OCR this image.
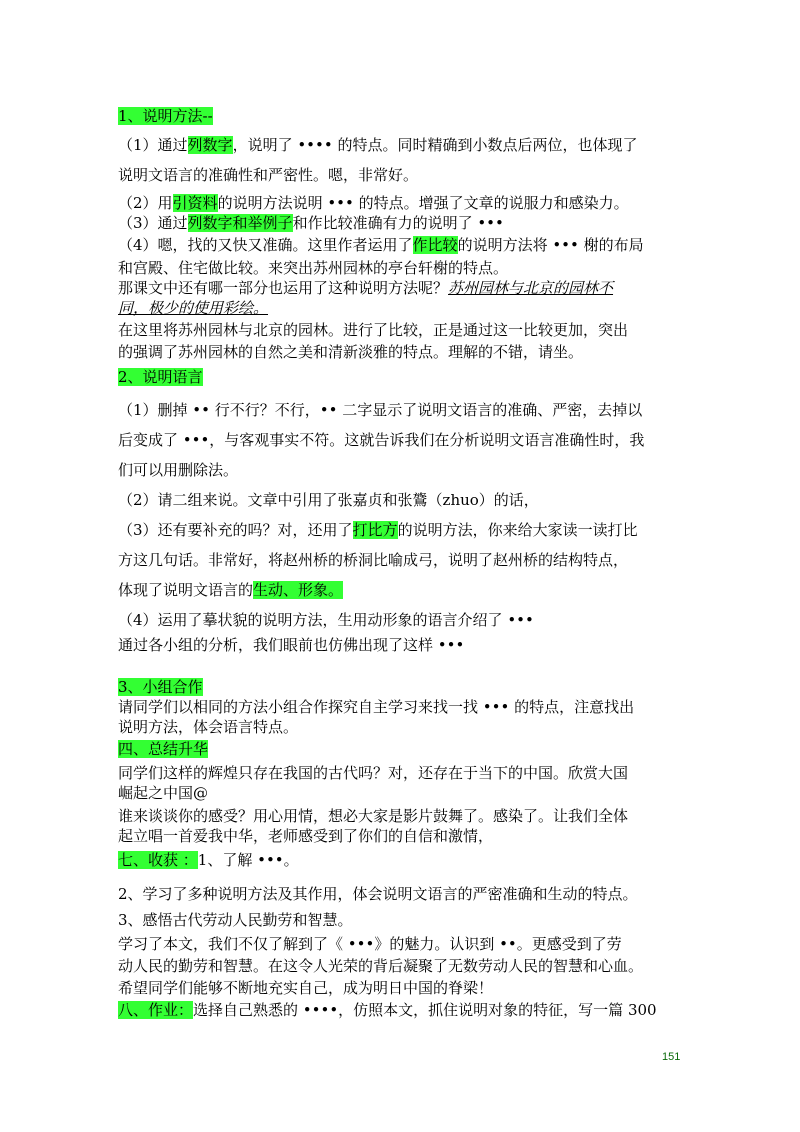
1、说明方法--
（1）通过列数字，说明了 •••• 的特点。同时精确到小数点后两位，也体现了
说明文语言的准确性和严密性。嗯，非常好。
（2）用引资料的说明方法说明 ••• 的特点。增强了文章的说服力和感染力。
（3）通过列数字和举例子和作比较准确有力的说明了 •••
（4）嗯，找的又快又准确。这里作者运用了作比较的说明方法将 ••• 榭的布局
和宫殿、住宅做比较。来突出苏州园林的亭台轩榭的特点。
那课文中还有哪一部分也运用了这种说明方法呢？苏州园林与北京的园林不
同，极少的使用彩绘。
在这里将苏州园林与北京的园林。进行了比较，正是通过这一比较更加，突出
的强调了苏州园林的自然之美和清新淡雅的特点。理解的不错，请坐。
2、说明语言
（1）删掉 •• 行不行？不行，•• 二字显示了说明文语言的准确、严密，去掉以
后变成了 •••，与客观事实不符。这就告诉我们在分析说明文语言准确性时，我
们可以用删除法。
（2）请二组来说。文章中引用了张嘉贞和张鷟（zhuo）的话，
（3）还有要补充的吗？对，还用了打比方的说明方法，你来给大家读一读打比
方这几句话。非常好，将赵州桥的桥洞比喻成弓，说明了赵州桥的结构特点，
体现了说明文语言的生动、形象。
（4）运用了摹状貌的说明方法，生用动形象的语言介绍了 •••
通过各小组的分析，我们眼前也仿佛出现了这样 •••
3、小组合作
请同学们以相同的方法小组合作探究自主学习来找一找 ••• 的特点，注意找出
说明方法，体会语言特点。
四、总结升华
同学们这样的辉煌只存在我国的古代吗？对，还存在于当下的中国。欣赏大国
崛起之中国@
谁来谈谈你的感受？用心用情，想必大家是影片鼓舞了。感染了。让我们全体
起立唱一首爱我中华，老师感受到了你们的自信和激情，
七、收获 ：1、了解 •••。
2、学习了多种说明方法及其作用，体会说明文语言的严密准确和生动的特点。
3、感悟古代劳动人民勤劳和智慧。
学习了本文，我们不仅了解到了《 •••》的魅力。认识到 ••。更感受到了劳
动人民的勤劳和智慧。在这令人光荣的背后凝聚了无数劳动人民的智慧和心血。
希望同学们能够不断地充实自己，成为明日中国的脊梁！
八、作业：选择自己熟悉的 ••••，仿照本文，抓住说明对象的特征，写一篇 300
151
